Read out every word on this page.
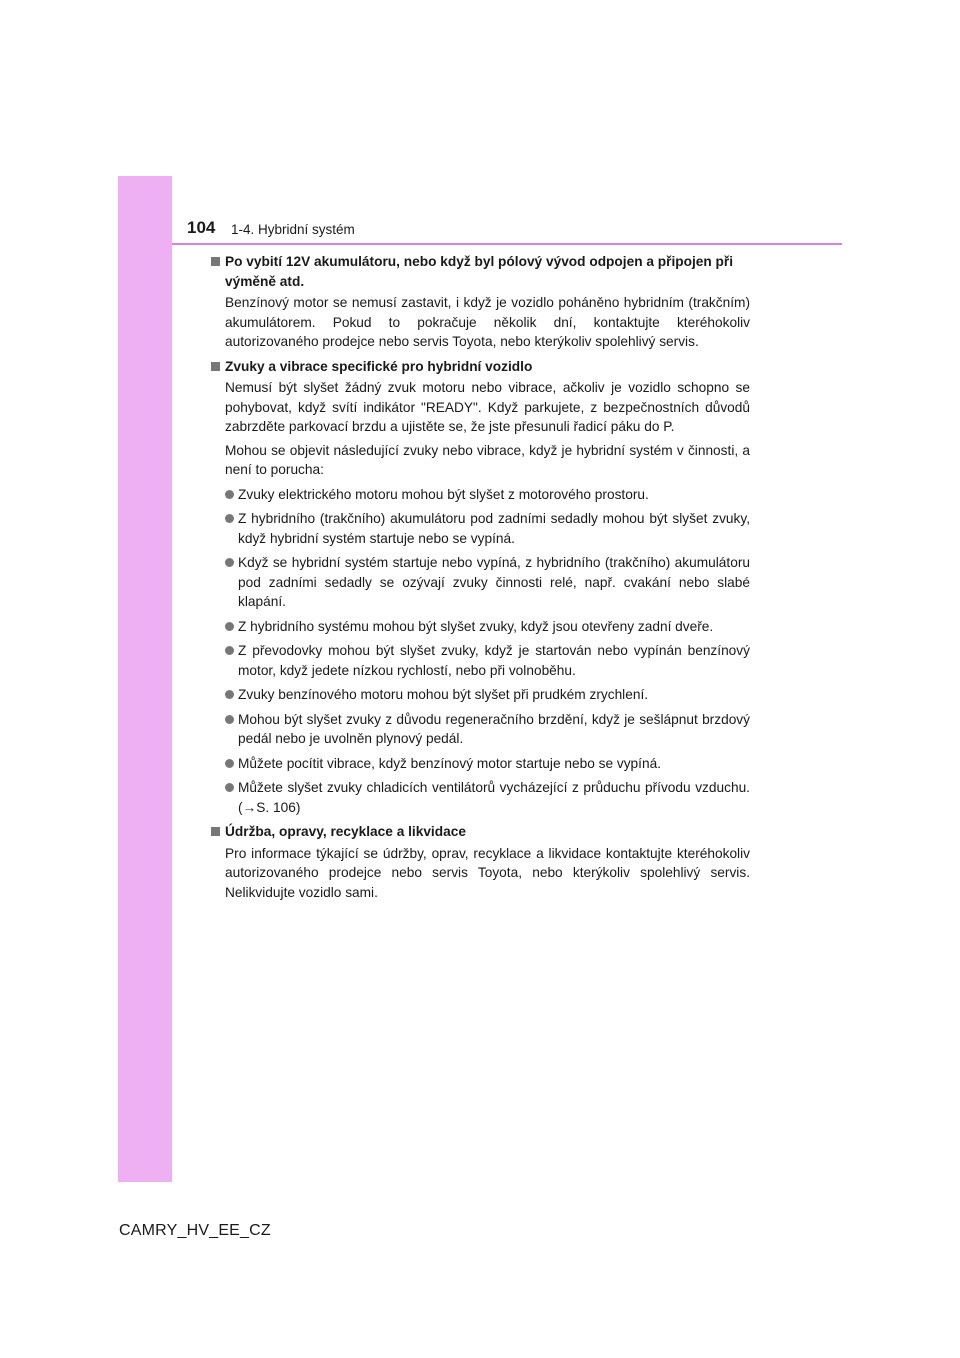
104 1-4. Hybridní systém
Po vybití 12V akumulátoru, nebo když byl pólový vývod odpojen a připojen při výměně atd.
Benzínový motor se nemusí zastavit, i když je vozidlo poháněno hybridním (trakčním) akumulátorem. Pokud to pokračuje několik dní, kontaktujte kteréhokoliv autorizovaného prodejce nebo servis Toyota, nebo kterýkoliv spolehlivý servis.
Zvuky a vibrace specifické pro hybridní vozidlo
Nemusí být slyšet žádný zvuk motoru nebo vibrace, ačkoliv je vozidlo schopno se pohybovat, když svítí indikátor "READY". Když parkujete, z bezpečnostních důvodů zabrzděte parkovací brzdu a ujistěte se, že jste přesunuli řadicí páku do P.
Mohou se objevit následující zvuky nebo vibrace, když je hybridní systém v činnosti, a není to porucha:
Zvuky elektrického motoru mohou být slyšet z motorového prostoru.
Z hybridního (trakčního) akumulátoru pod zadními sedadly mohou být slyšet zvuky, když hybridní systém startuje nebo se vypíná.
Když se hybridní systém startuje nebo vypíná, z hybridního (trakčního) akumulátoru pod zadními sedadly se ozývají zvuky činnosti relé, např. cvakání nebo slabé klapání.
Z hybridního systému mohou být slyšet zvuky, když jsou otevřeny zadní dveře.
Z převodovky mohou být slyšet zvuky, když je startován nebo vypínán benzínový motor, když jedete nízkou rychlostí, nebo při volnoběhu.
Zvuky benzínového motoru mohou být slyšet při prudkém zrychlení.
Mohou být slyšet zvuky z důvodu regeneračního brzdění, když je sešlápnut brzdový pedál nebo je uvolněn plynový pedál.
Můžete pocítit vibrace, když benzínový motor startuje nebo se vypíná.
Můžete slyšet zvuky chladicích ventilátorů vycházející z průduchu přívodu vzduchu. (→S. 106)
Údržba, opravy, recyklace a likvidace
Pro informace týkající se údržby, oprav, recyklace a likvidace kontaktujte kteréhokoliv autorizovaného prodejce nebo servis Toyota, nebo kterýkoliv spolehlivý servis. Nelikvidujte vozidlo sami.
CAMRY_HV_EE_CZ
